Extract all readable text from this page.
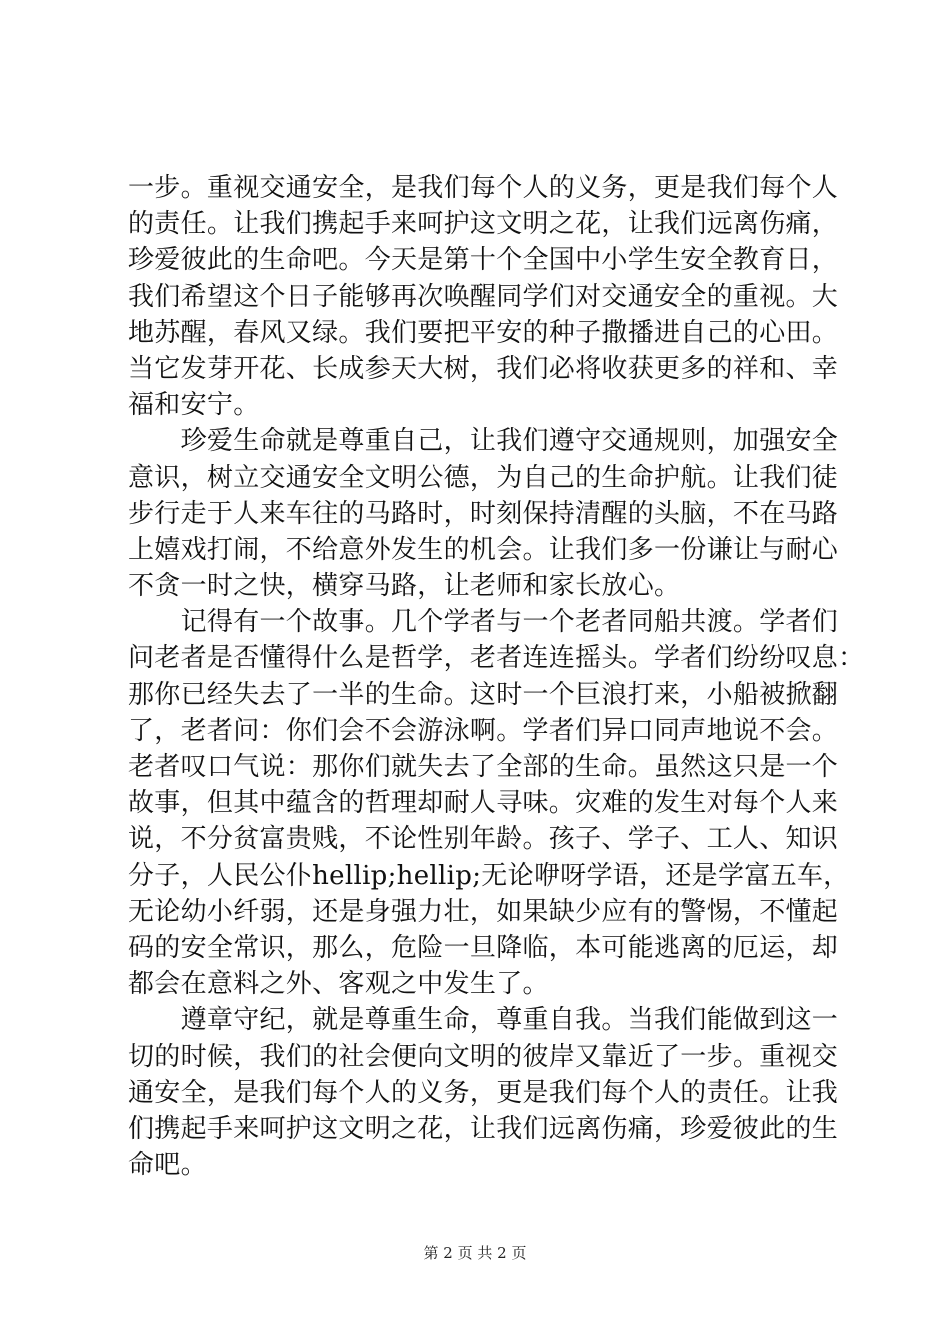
一步。重视交通安全，是我们每个人的义务，更是我们每个人
的责任。让我们携起手来呵护这文明之花，让我们远离伤痛，
珍爱彼此的生命吧。今天是第十个全国中小学生安全教育日，
我们希望这个日子能够再次唤醒同学们对交通安全的重视。大
地苏醒，春风又绿。我们要把平安的种子撒播进自己的心田。
当它发芽开花、长成参天大树，我们必将收获更多的祥和、幸
福和安宁。
　　珍爱生命就是尊重自己，让我们遵守交通规则，加强安全
意识，树立交通安全文明公德，为自己的生命护航。让我们徒
步行走于人来车往的马路时，时刻保持清醒的头脑，不在马路
上嬉戏打闹，不给意外发生的机会。让我们多一份谦让与耐心
不贪一时之快，横穿马路，让老师和家长放心。
　　记得有一个故事。几个学者与一个老者同船共渡。学者们
问老者是否懂得什么是哲学，老者连连摇头。学者们纷纷叹息：
那你已经失去了一半的生命。这时一个巨浪打来，小船被掀翻
了，老者问：你们会不会游泳啊。学者们异口同声地说不会。
老者叹口气说：那你们就失去了全部的生命。虽然这只是一个
故事，但其中蕴含的哲理却耐人寻味。灾难的发生对每个人来
说，不分贫富贵贱，不论性别年龄。孩子、学子、工人、知识
分子，人民公仆hellip;hellip;无论咿呀学语，还是学富五车，
无论幼小纤弱，还是身强力壮，如果缺少应有的警惕，不懂起
码的安全常识，那么，危险一旦降临，本可能逃离的厄运，却
都会在意料之外、客观之中发生了。
　　遵章守纪，就是尊重生命，尊重自我。当我们能做到这一
切的时候，我们的社会便向文明的彼岸又靠近了一步。重视交
通安全，是我们每个人的义务，更是我们每个人的责任。让我
们携起手来呵护这文明之花，让我们远离伤痛，珍爱彼此的生
命吧。
第 2 页 共 2 页
